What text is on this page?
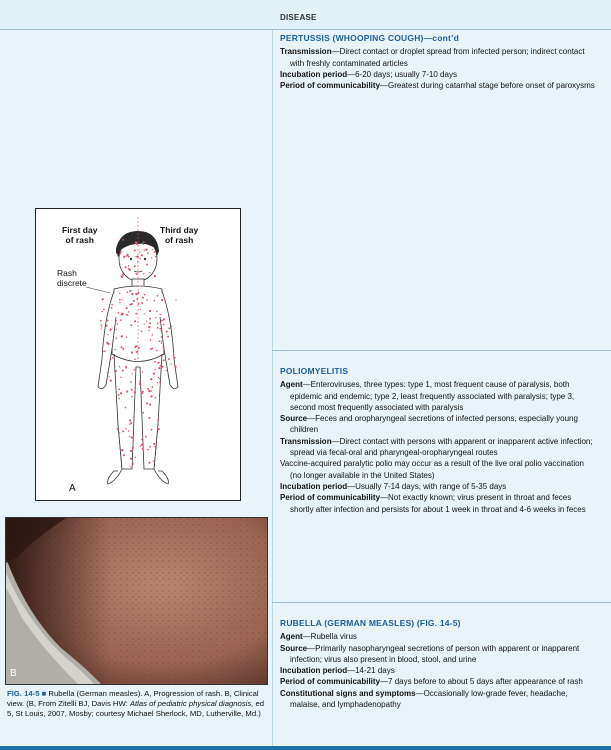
DISEASE
PERTUSSIS (WHOOPING COUGH)—cont’d

Transmission—Direct contact or droplet spread from infected person; indirect contact with freshly contaminated articles

Incubation period—6-20 days; usually 7-10 days

Period of communicability—Greatest during catarrhal stage before onset of paroxysms

POLIOMYELITIS

Agent—Enteroviruses, three types: type 1, most frequent cause of paralysis, both epidemic and endemic; type 2, least frequently associated with paralysis; type 3, second most frequently associated with paralysis

Source—Feces and oropharyngeal secretions of infected persons, especially young children

Transmission—Direct contact with persons with apparent or inapparent active infection; spread via fecal-oral and pharyngeal-oropharyngeal routes

Vaccine-acquired paralytic polio may occur as a result of the live oral polio vaccination (no longer available in the United States)

Incubation period—Usually 7-14 days, with range of 5-35 days

Period of communicability—Not exactly known; virus present in throat and feces shortly after infection and persists for about 1 week in throat and 4-6 weeks in feces

RUBELLA (GERMAN MEASLES) (FIG. 14-5)

Agent—Rubella virus

Source—Primarily nasopharyngeal secretions of person with apparent or inapparent infection; virus also present in blood, stool, and urine

Incubation period—14-21 days

Period of communicability—7 days before to about 5 days after appearance of rash

Constitutional signs and symptoms—Occasionally low-grade fever, headache, malaise, and lymphadenopathy

First day
of rash
Third day
of rash
Rash
discrete
A
B
FIG. 14-5 ■ Rubella (German measles). A, Progression of rash. B, Clinical view. (B, From Zitelli BJ, Davis HW: Atlas of pediatric physical diagnosis, ed 5, St Louis, 2007, Mosby; courtesy Michael Sherlock, MD, Lutherville, Md.)
